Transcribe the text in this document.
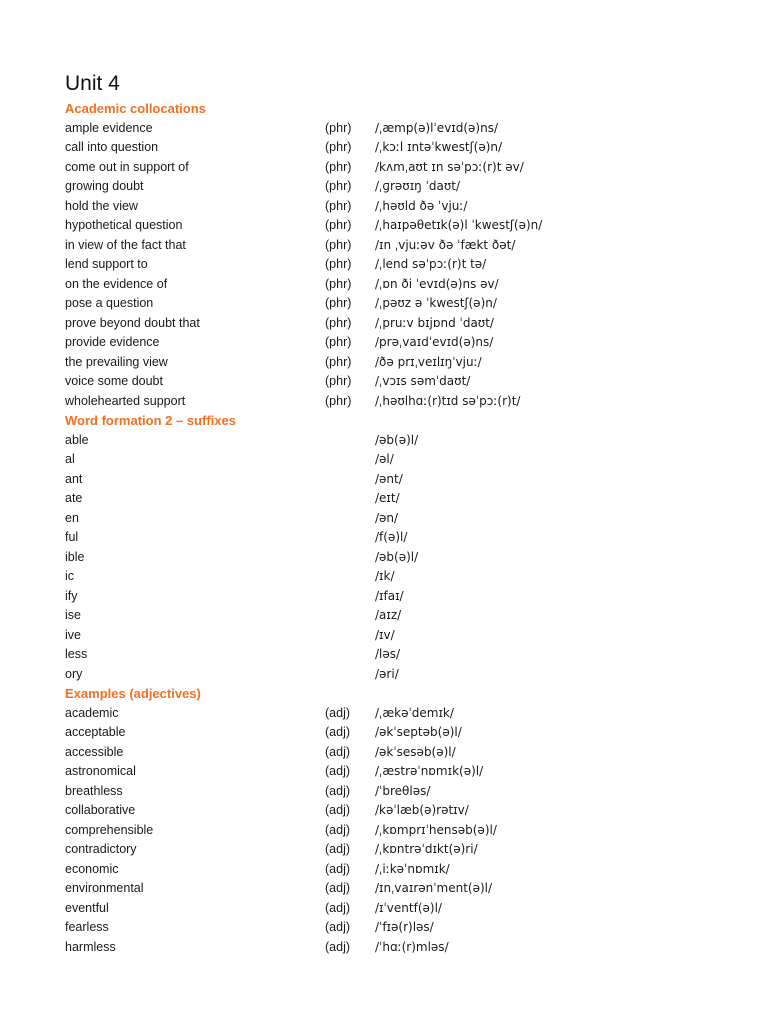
Unit 4
Academic collocations
ample evidence	(phr) /ˌæmp(ə)lˈevɪd(ə)ns/
call into question	(phr) /ˌkɔːl ɪntəˈkwestʃ(ə)n/
come out in support of	(phr) /kʌmˌaʊt ɪn səˈpɔː(r)t əv/
growing doubt	(phr) /ˌɡrəʊɪŋ ˈdaʊt/
hold the view	(phr) /ˌhəʊld ðə ˈvjuː/
hypothetical question	(phr) /ˌhaɪpəθetɪk(ə)l ˈkwestʃ(ə)n/
in view of the fact that	(phr) /ɪn ˌvjuːəv ðə ˈfækt ðət/
lend support to	(phr) /ˌlend səˈpɔː(r)t tə/
on the evidence of	(phr) /ˌɒn ði ˈevɪd(ə)ns əv/
pose a question	(phr) /ˌpəʊz ə ˈkwestʃ(ə)n/
prove beyond doubt that	(phr) /ˌpruːv bɪjɒnd ˈdaʊt/
provide evidence	(phr) /prəˌvaɪdˈevɪd(ə)ns/
the prevailing view	(phr) /ðə prɪˌveɪlɪŋˈvjuː/
voice some doubt	(phr) /ˌvɔɪs səmˈdaʊt/
wholehearted support	(phr) /ˌhəʊlhɑː(r)tɪd səˈpɔː(r)t/
Word formation 2 – suffixes
able	/əb(ə)l/
al	/əl/
ant	/ənt/
ate	/eɪt/
en	/ən/
ful	/f(ə)l/
ible	/əb(ə)l/
ic	/ɪk/
ify	/ɪfaɪ/
ise	/aɪz/
ive	/ɪv/
less	/ləs/
ory	/əri/
Examples (adjectives)
academic	(adj) /ˌækəˈdemɪk/
acceptable	(adj) /əkˈseptəb(ə)l/
accessible	(adj) /əkˈsesəb(ə)l/
astronomical	(adj) /ˌæstrəˈnɒmɪk(ə)l/
breathless	(adj) /ˈbreθləs/
collaborative	(adj) /kəˈlæb(ə)rətɪv/
comprehensible	(adj) /ˌkɒmprɪˈhensəb(ə)l/
contradictory	(adj) /ˌkɒntrəˈdɪkt(ə)ri/
economic	(adj) /ˌiːkəˈnɒmɪk/
environmental	(adj) /ɪnˌvaɪrənˈment(ə)l/
eventful	(adj) /ɪˈventf(ə)l/
fearless	(adj) /ˈfɪə(r)ləs/
harmless	(adj) /ˈhɑː(r)mləs/
